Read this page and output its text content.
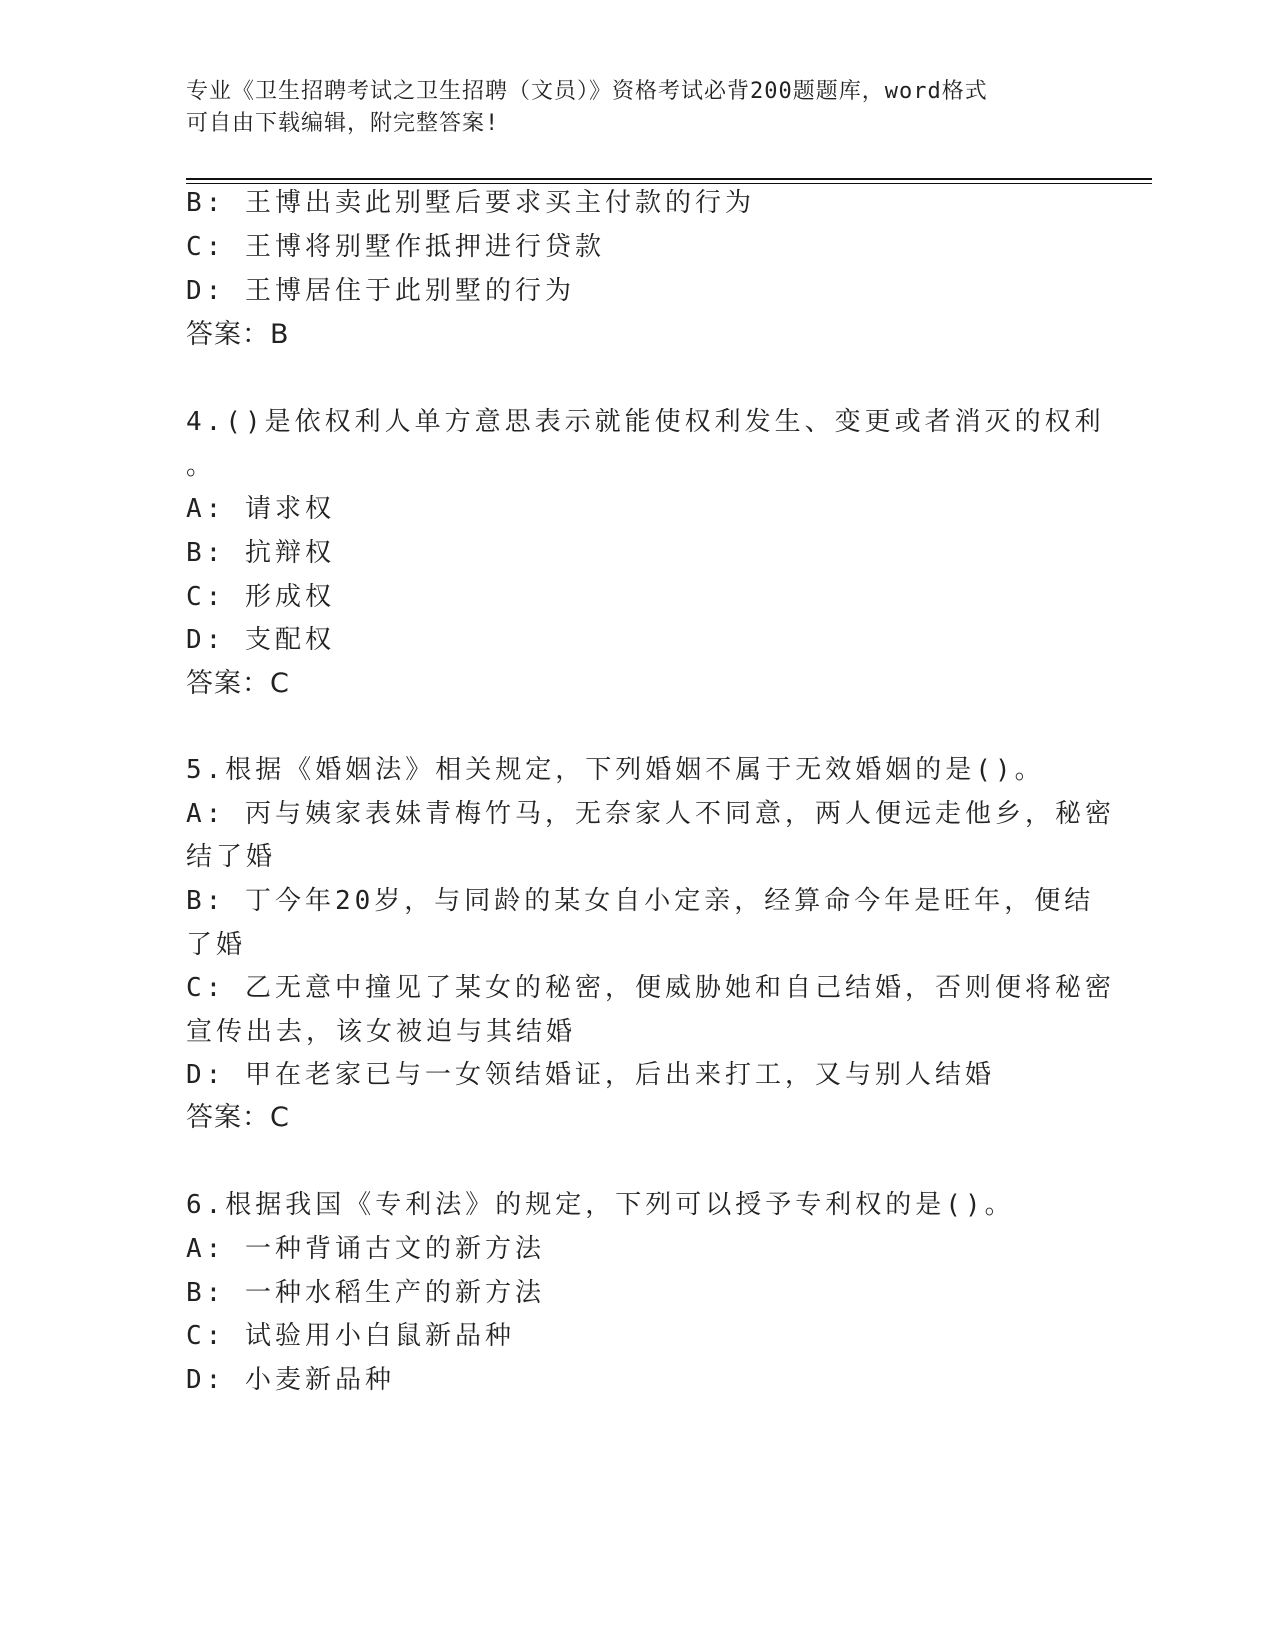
专业《卫生招聘考试之卫生招聘（文员）》资格考试必背200题题库，word格式
可自由下载编辑，附完整答案!
B: 王博出卖此别墅后要求买主付款的行为
C: 王博将别墅作抵押进行贷款
D: 王博居住于此别墅的行为
答案：B
4.()是依权利人单方意思表示就能使权利发生、变更或者消灭的权利
。
A: 请求权
B: 抗辩权
C: 形成权
D: 支配权
答案：C
5.根据《婚姻法》相关规定，下列婚姻不属于无效婚姻的是()。
A: 丙与姨家表妹青梅竹马，无奈家人不同意，两人便远走他乡，秘密
结了婚
B: 丁今年20岁，与同龄的某女自小定亲，经算命今年是旺年，便结
了婚
C: 乙无意中撞见了某女的秘密，便威胁她和自己结婚，否则便将秘密
宣传出去，该女被迫与其结婚
D: 甲在老家已与一女领结婚证，后出来打工，又与别人结婚
答案：C
6.根据我国《专利法》的规定，下列可以授予专利权的是()。
A: 一种背诵古文的新方法
B: 一种水稻生产的新方法
C: 试验用小白鼠新品种
D: 小麦新品种
